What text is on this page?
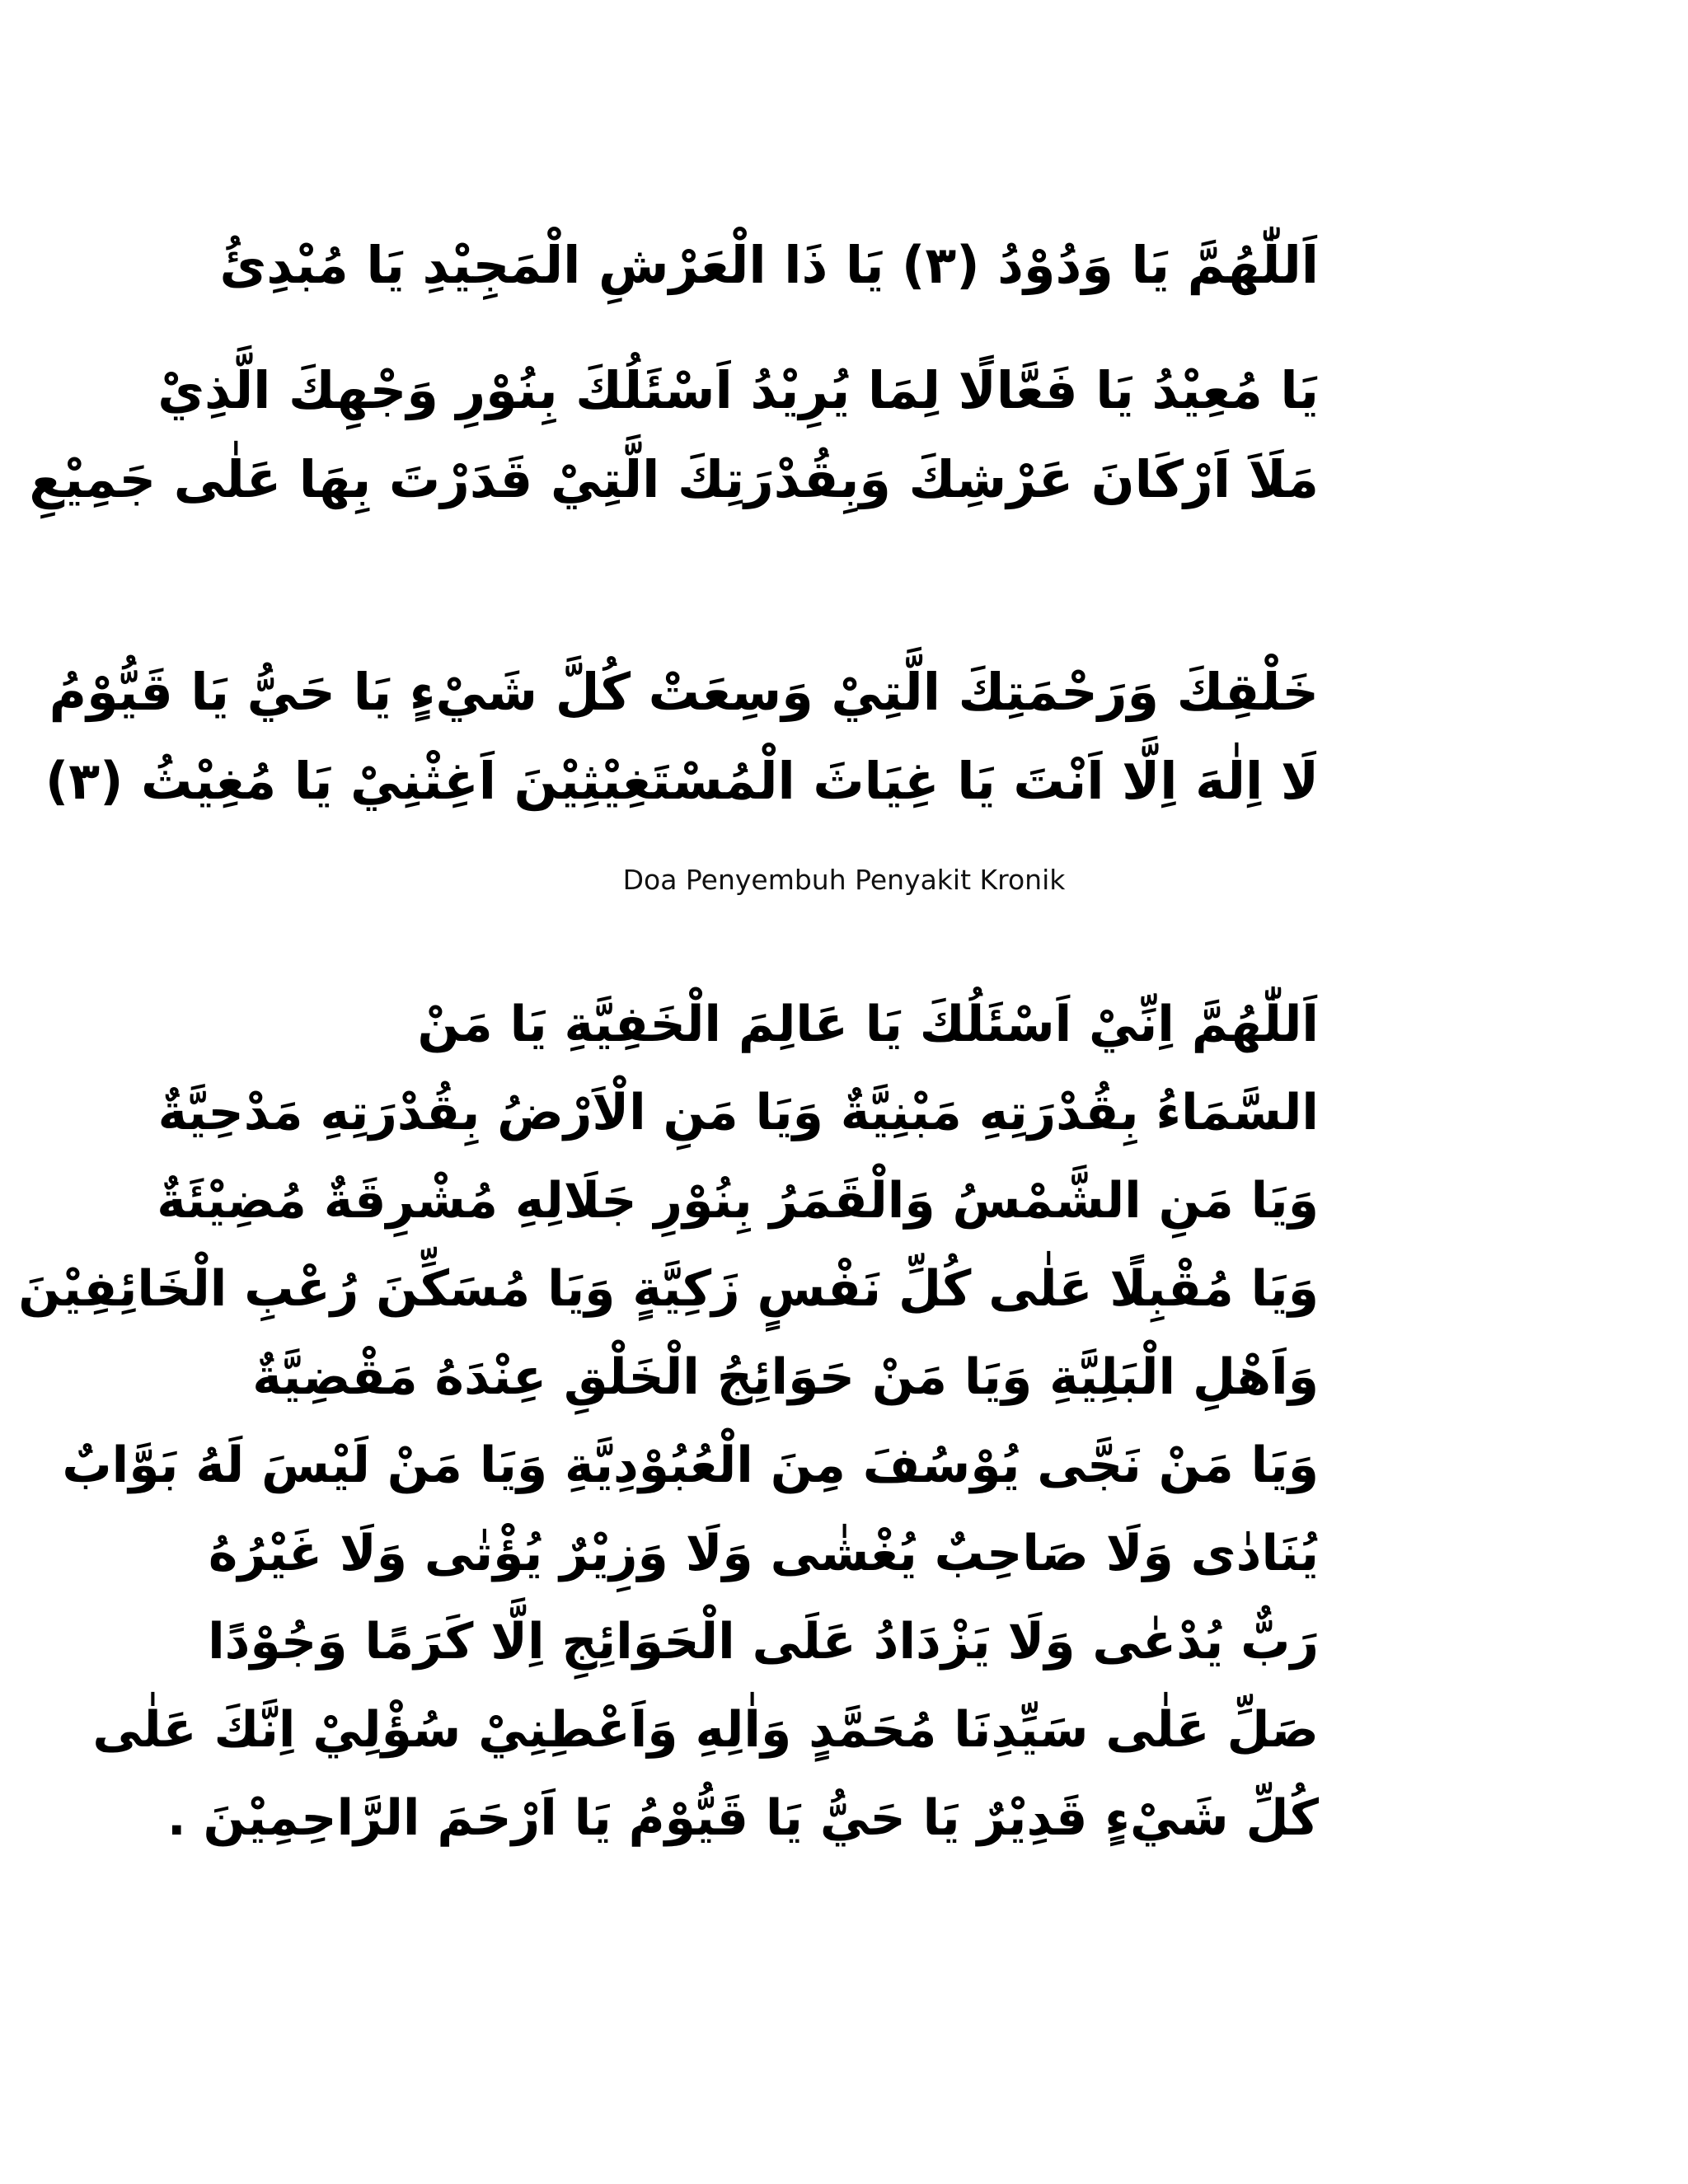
اَللّٰهُمَّ يَا وَدُوْدُ (٣) يَا ذَا الْعَرْشِ الْمَجِيْدِ يَا مُبْدِئُ
يَا مُعِيْدُ يَا فَعَّالًا لِمَا يُرِيْدُ اَسْئَلُكَ بِنُوْرِ وَجْهِكَ الَّذِيْ
مَلَاَ اَرْكَانَ عَرْشِكَ وَبِقُدْرَتِكَ الَّتِيْ قَدَرْتَ بِهَا عَلٰى جَمِيْعِ
خَلْقِكَ وَرَحْمَتِكَ الَّتِيْ وَسِعَتْ كُلَّ شَيْءٍ يَا حَيُّ يَا قَيُّوْمُ
لَا اِلٰهَ اِلَّا اَنْتَ يَا غِيَاثَ الْمُسْتَغِيْثِيْنَ اَغِثْنِيْ يَا مُغِيْثُ (٣)
Doa Penyembuh Penyakit Kronik
اَللّٰهُمَّ اِنِّيْ اَسْئَلُكَ يَا عَالِمَ الْخَفِيَّةِ يَا مَنْ
السَّمَاءُ بِقُدْرَتِهِ مَبْنِيَّةٌ وَيَا مَنِ الْاَرْضُ بِقُدْرَتِهِ مَدْحِيَّةٌ
وَيَا مَنِ الشَّمْسُ وَالْقَمَرُ بِنُوْرِ جَلَالِهِ مُشْرِقَةٌ مُضِيْئَةٌ
وَيَا مُقْبِلًا عَلٰى كُلِّ نَفْسٍ زَكِيَّةٍ وَيَا مُسَكِّنَ رُعْبِ الْخَائِفِيْنَ
وَاَهْلِ الْبَلِيَّةِ وَيَا مَنْ حَوَائِجُ الْخَلْقِ عِنْدَهُ مَقْضِيَّةٌ
وَيَا مَنْ نَجَّى يُوْسُفَ مِنَ الْعُبُوْدِيَّةِ وَيَا مَنْ لَيْسَ لَهُ بَوَّابٌ
يُنَادٰى وَلَا صَاحِبٌ يُغْشٰى وَلَا وَزِيْرٌ يُؤْتٰى وَلَا غَيْرُهُ
رَبٌّ يُدْعٰى وَلَا يَزْدَادُ عَلَى الْحَوَائِجِ اِلَّا كَرَمًا وَجُوْدًا
صَلِّ عَلٰى سَيِّدِنَا مُحَمَّدٍ وَاٰلِهِ وَاَعْطِنِيْ سُؤْلِيْ اِنَّكَ عَلٰى
كُلِّ شَيْءٍ قَدِيْرٌ يَا حَيُّ يَا قَيُّوْمُ يَا اَرْحَمَ الرَّاحِمِيْنَ .
